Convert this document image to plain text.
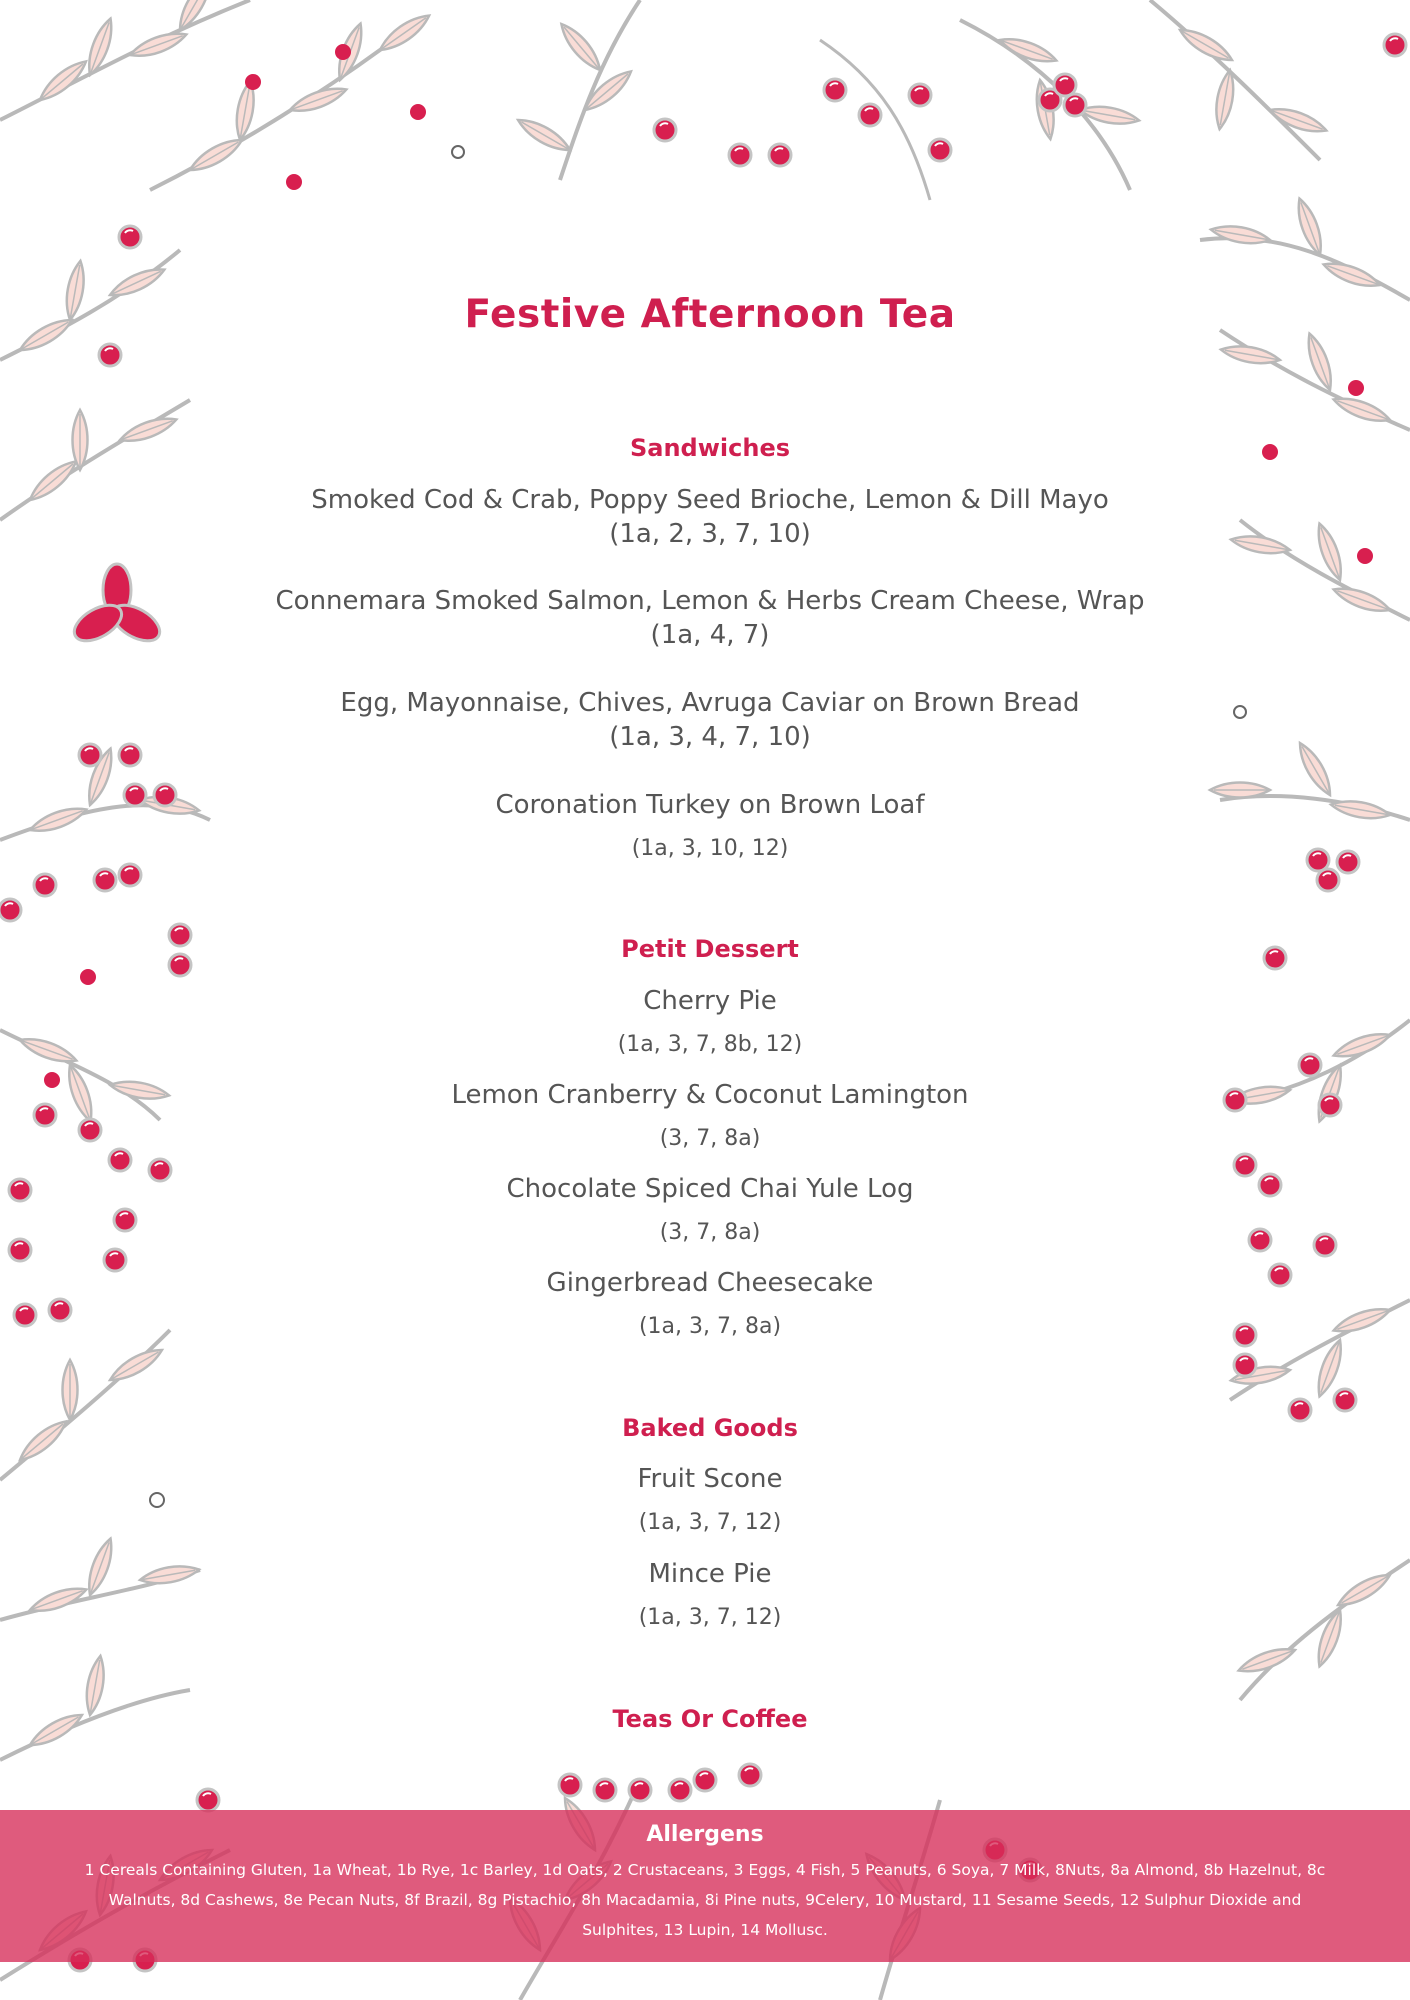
Festive Afternoon Tea
Sandwiches

Smoked Cod & Crab, Poppy Seed Brioche, Lemon & Dill Mayo

(1a, 2, 3, 7, 10)

Connemara Smoked Salmon, Lemon & Herbs Cream Cheese, Wrap

(1a, 4, 7)

Egg, Mayonnaise, Chives, Avruga Caviar on Brown Bread

(1a, 3, 4, 7, 10)

Coronation Turkey on Brown Loaf

(1a, 3, 10, 12)

Petit Dessert

Cherry Pie

(1a, 3, 7, 8b, 12)

Lemon Cranberry & Coconut Lamington

(3, 7, 8a)

Chocolate Spiced Chai Yule Log

(3, 7, 8a)

Gingerbread Cheesecake

(1a, 3, 7, 8a)

Baked Goods

Fruit Scone

(1a, 3, 7, 12)

Mince Pie

(1a, 3, 7, 12)

Teas Or Coffee
Allergens

1 Cereals Containing Gluten, 1a Wheat, 1b Rye, 1c Barley, 1d Oats, 2 Crustaceans, 3 Eggs, 4 Fish, 5 Peanuts, 6 Soya, 7 Milk, 8Nuts, 8a Almond, 8b Hazelnut, 8c
Walnuts, 8d Cashews, 8e Pecan Nuts, 8f Brazil, 8g Pistachio, 8h Macadamia, 8i Pine nuts, 9Celery, 10 Mustard, 11 Sesame Seeds, 12 Sulphur Dioxide and
Sulphites, 13 Lupin, 14 Mollusc.
